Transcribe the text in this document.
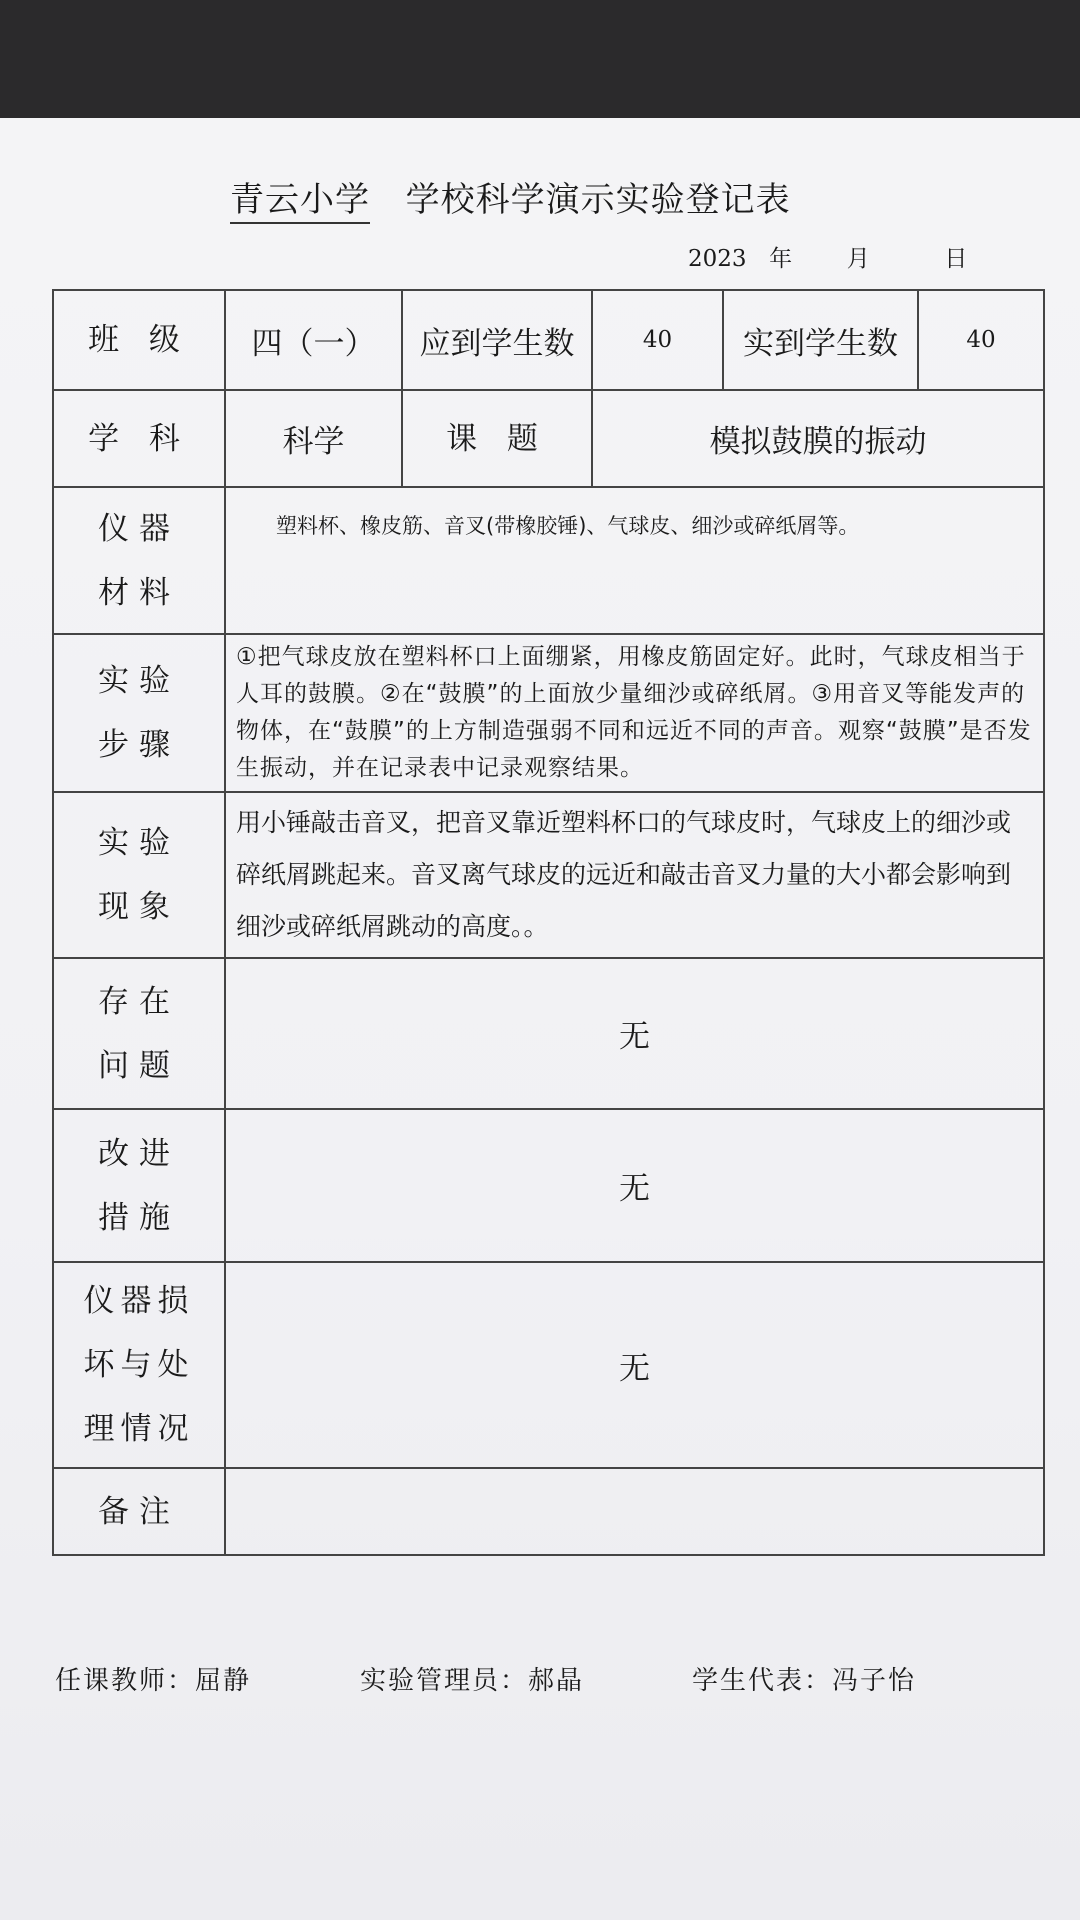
青云小学 学校科学演示实验登记表
2023 年 月	日
班 级	四（一）	应到学生数	40	实到学生数	40
学 科	科学	课 题	模拟鼓膜的振动		
仪器材料	塑料杯、橡皮筋、音叉(带橡胶锤)、气球皮、细沙或碎纸屑等。				
实验步骤	①把气球皮放在塑料杯口上面绷紧，用橡皮筋固定好。此时，气球皮相当于人耳的鼓膜。②在“鼓膜”的上面放少量细沙或碎纸屑。③用音叉等能发声的物体，在“鼓膜”的上方制造强弱不同和远近不同的声音。观察“鼓膜”是否发生振动，并在记录表中记录观察结果。				
实验现象	用小锤敲击音叉，把音叉靠近塑料杯口的气球皮时，气球皮上的细沙或碎纸屑跳起来。音叉离气球皮的远近和敲击音叉力量的大小都会影响到细沙或碎纸屑跳动的高度。。				
存在问题	无				
改进措施	无				
仪器损坏与处理情况	无				
备注					
任课教师：屈静	实验管理员：郝晶	学生代表：冯子怡
